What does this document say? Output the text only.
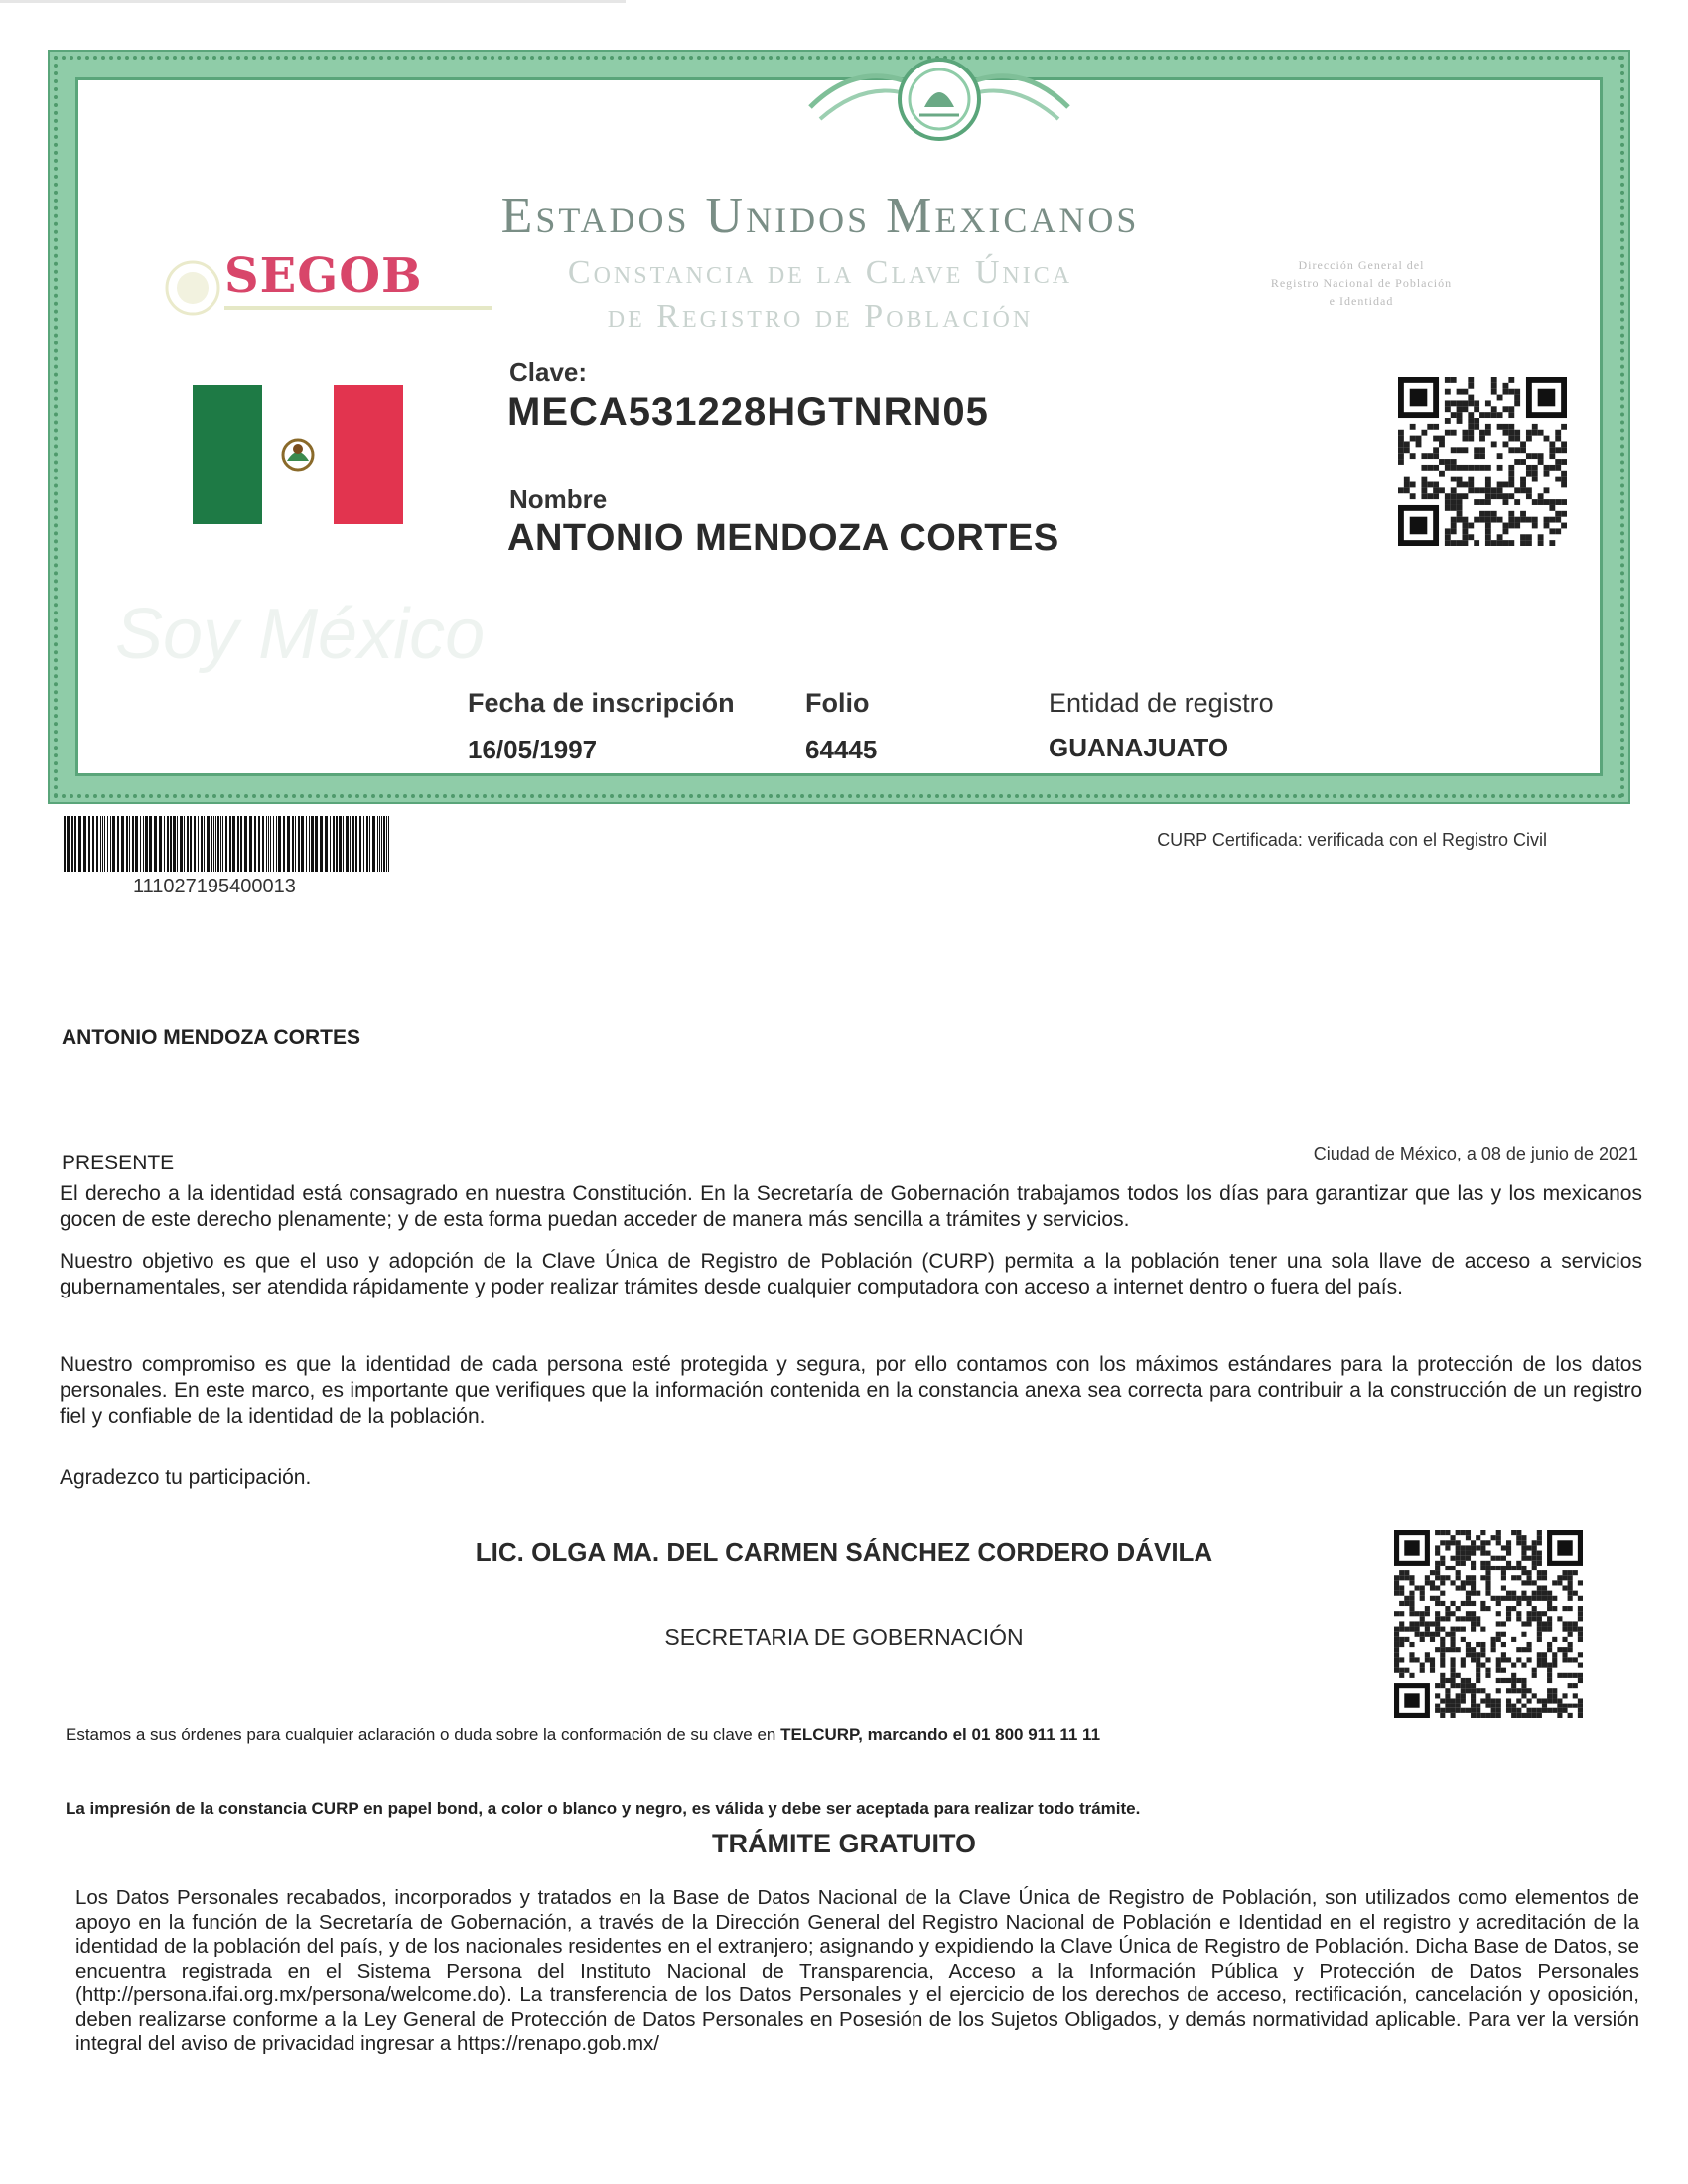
Estados Unidos Mexicanos
Constancia de la Clave Única
de Registro de Población
SEGOB	Dirección General del
Registro Nacional de Población
e Identidad
Soy México
Clave:
MECA531228HGTNRN05
Nombre
ANTONIO MENDOZA CORTES
Fecha de inscripción
16/05/1997
Folio
64445
Entidad de registro
GUANAJUATO
111027195400013
CURP Certificada: verificada con el Registro Civil
ANTONIO MENDOZA CORTES
PRESENTE	Ciudad de México, a 08 de junio de 2021
El derecho a la identidad está consagrado en nuestra Constitución. En la Secretaría de Gobernación trabajamos todos los días para garantizar que las y los mexicanos gocen de este derecho plenamente; y de esta forma puedan acceder de manera más sencilla a trámites y servicios.
Nuestro objetivo es que el uso y adopción de la Clave Única de Registro de Población (CURP) permita a la población tener una sola llave de acceso a servicios gubernamentales, ser atendida rápidamente y poder realizar trámites desde cualquier computadora con acceso a internet dentro o fuera del país.
Nuestro compromiso es que la identidad de cada persona esté protegida y segura, por ello contamos con los máximos estándares para la protección de los datos personales. En este marco, es importante que verifiques que la información contenida en la constancia anexa sea correcta para contribuir a la construcción de un registro fiel y confiable de la identidad de la población.
Agradezco tu participación.
LIC. OLGA MA. DEL CARMEN SÁNCHEZ CORDERO DÁVILA
SECRETARIA DE GOBERNACIÓN
Estamos a sus órdenes para cualquier aclaración o duda sobre la conformación de su clave en TELCURP, marcando el 01 800 911 11 11
La impresión de la constancia CURP en papel bond, a color o blanco y negro, es válida y debe ser aceptada para realizar todo trámite.
TRÁMITE GRATUITO
Los Datos Personales recabados, incorporados y tratados en la Base de Datos Nacional de la Clave Única de Registro de Población, son utilizados como elementos de apoyo en la función de la Secretaría de Gobernación, a través de la Dirección General del Registro Nacional de Población e Identidad en el registro y acreditación de la identidad de la población del país, y de los nacionales residentes en el extranjero; asignando y expidiendo la Clave Única de Registro de Población. Dicha Base de Datos, se encuentra registrada en el Sistema Persona del Instituto Nacional de Transparencia, Acceso a la Información Pública y Protección de Datos Personales (http://persona.ifai.org.mx/persona/welcome.do). La transferencia de los Datos Personales y el ejercicio de los derechos de acceso, rectificación, cancelación y oposición, deben realizarse conforme a la Ley General de Protección de Datos Personales en Posesión de los Sujetos Obligados, y demás normatividad aplicable. Para ver la versión integral del aviso de privacidad ingresar a https://renapo.gob.mx/
